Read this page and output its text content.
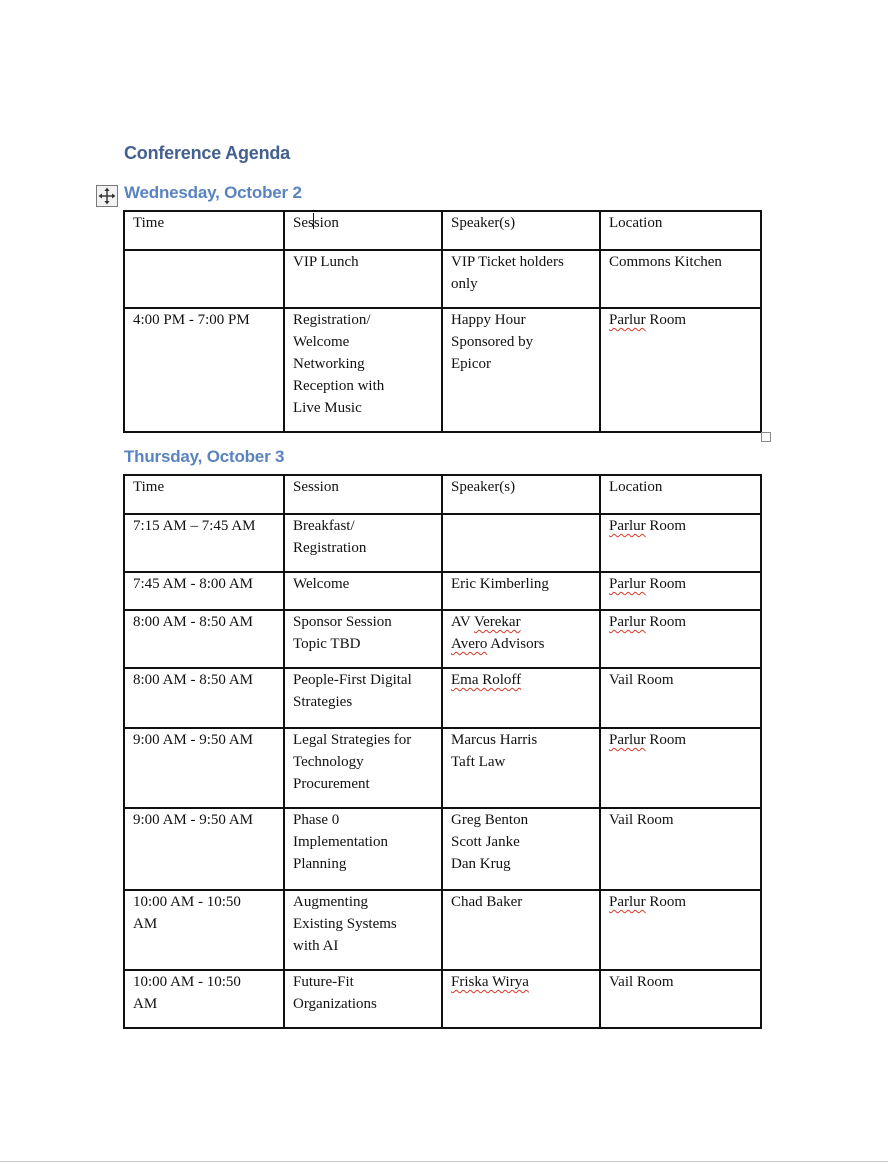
Conference Agenda
Wednesday, October 2
Time	Session	Speaker(s)	Location
	VIP Lunch	VIP Ticket holders
only	Commons Kitchen
4:00 PM - 7:00 PM	Registration/
Welcome
Networking
Reception with
Live Music	Happy Hour
Sponsored by
Epicor	Parlur Room
Thursday, October 3
Time	Session	Speaker(s)	Location
7:15 AM – 7:45 AM	Breakfast/
Registration		Parlur Room
7:45 AM - 8:00 AM	Welcome	Eric Kimberling	Parlur Room
8:00 AM - 8:50 AM	Sponsor Session
Topic TBD	AV Verekar
Avero Advisors	Parlur Room
8:00 AM - 8:50 AM	People-First Digital
Strategies	Ema Roloff	Vail Room
9:00 AM - 9:50 AM	Legal Strategies for
Technology
Procurement	Marcus Harris
Taft Law	Parlur Room
9:00 AM - 9:50 AM	Phase 0
Implementation
Planning	Greg Benton
Scott Janke
Dan Krug	Vail Room

10:00 AM - 10:50
AM	Augmenting
Existing Systems
with AI	Chad Baker	Parlur Room

10:00 AM - 10:50
AM	Future-Fit
Organizations	Friska Wirya	Vail Room
